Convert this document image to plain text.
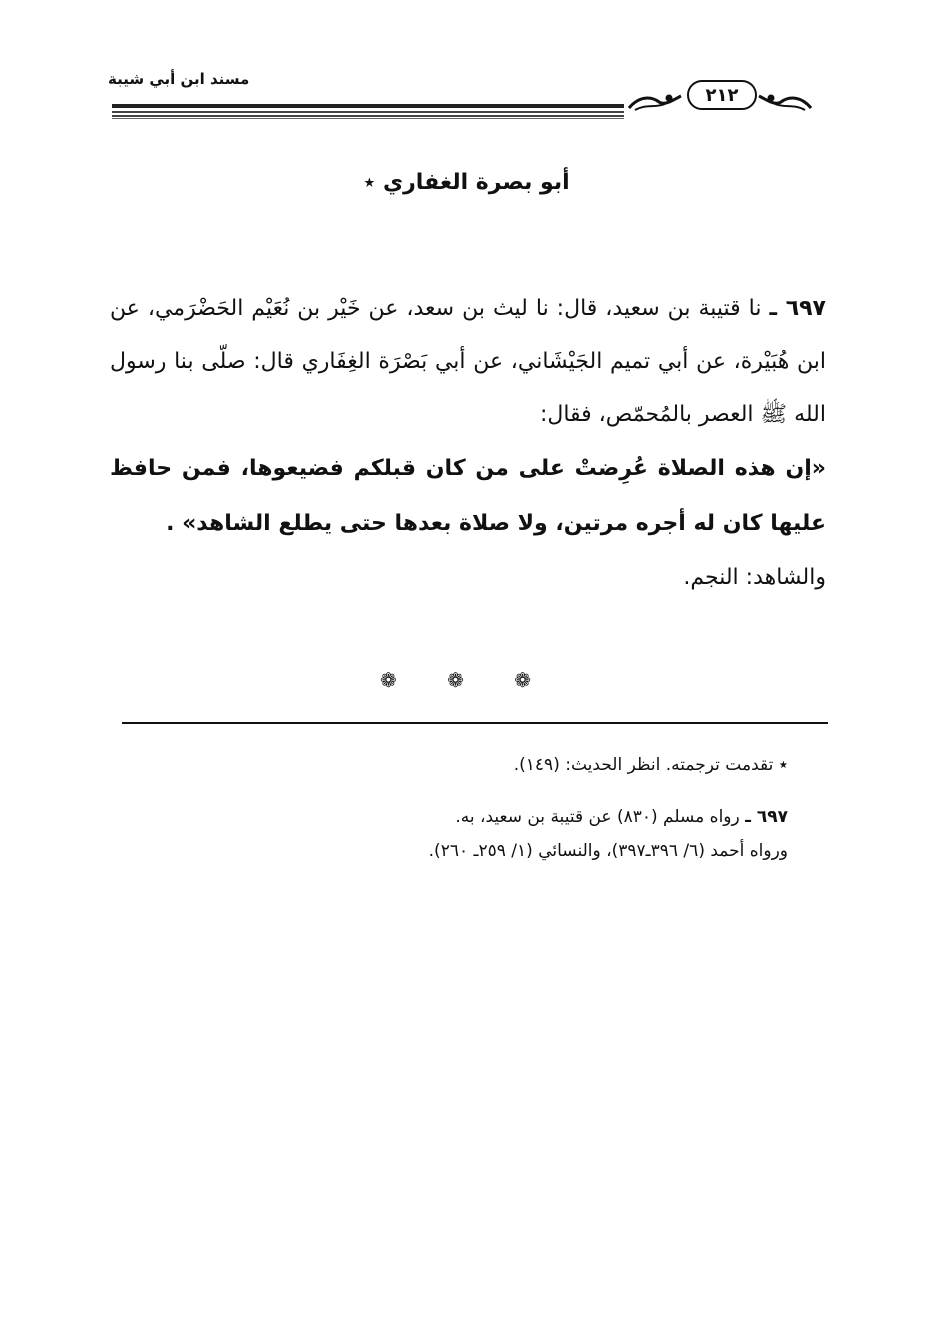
مسند ابن أبي شيبة
٢١٢
أبو بصرة الغفاري ٭

٦٩٧ ـ نا قتيبة بن سعيد، قال: نا ليث بن سعد، عن خَيْر بن نُعَيْم الحَضْرَمي، عن ابن هُبَيْرة، عن أبي تميم الجَيْشَاني، عن أبي بَصْرَة الغِفَاري قال: صلّى بنا رسول الله ﷺ العصر بالمُحمّص، فقال:

«إن هذه الصلاة عُرِضتْ على من كان قبلكم فضيعوها، فمن حافظ عليها كان له أجره مرتين، ولا صلاة بعدها حتى يطلع الشاهد» .

والشاهد: النجم.

❁ ❁ ❁

٭ تقدمت ترجمته. انظر الحديث: (١٤٩).

٦٩٧ ـ رواه مسلم (٨٣٠) عن قتيبة بن سعيد، به.

ورواه أحمد (٦/ ٣٩٦ـ٣٩٧)، والنسائي (١/ ٢٥٩ـ ٢٦٠).
